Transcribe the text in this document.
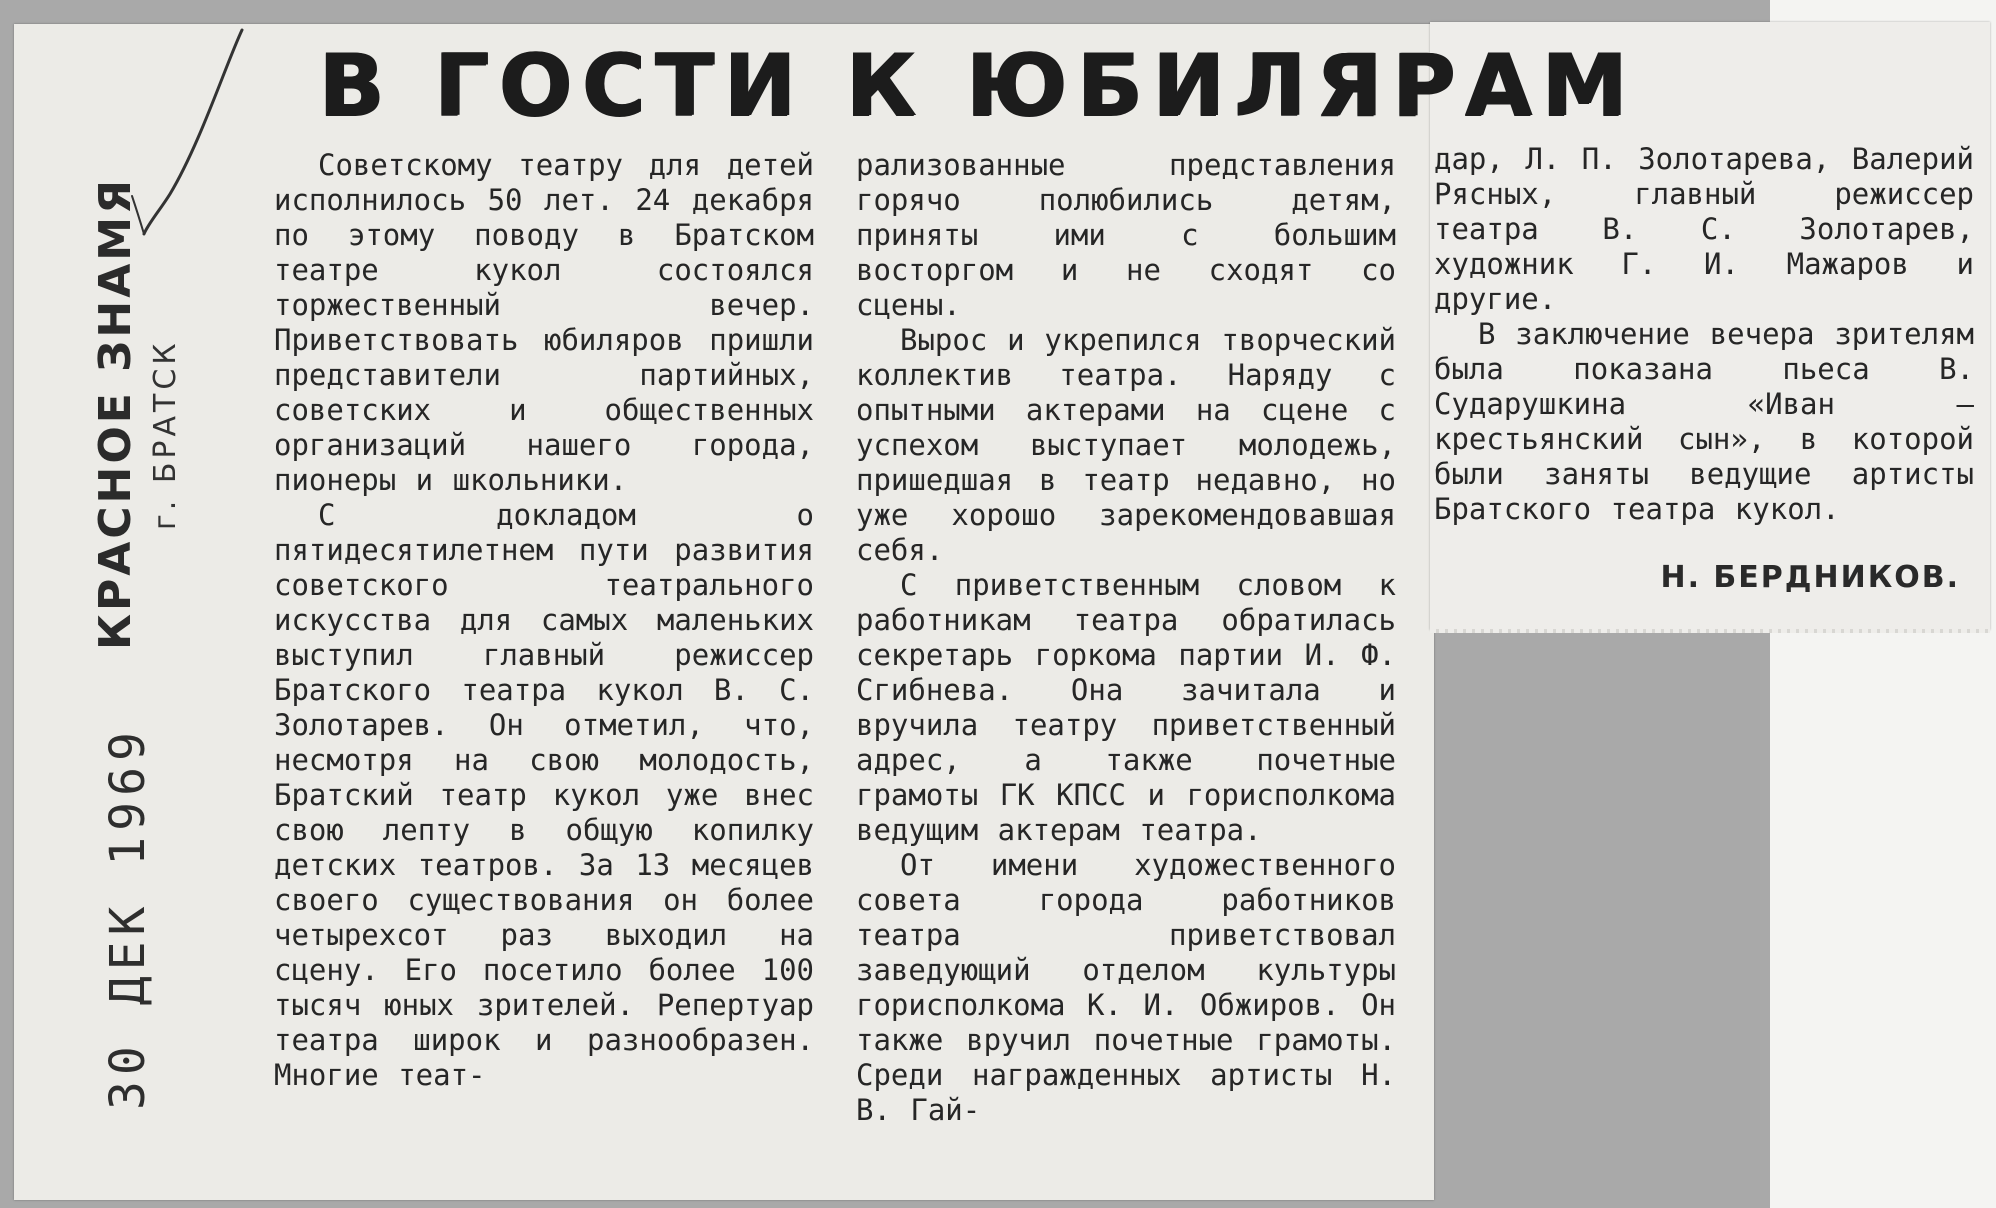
КРАСНОЕ ЗНАМЯ г. БРАТСК
30 ДЕК 1969
В ГОСТИ К ЮБИЛЯРАМ

Советскому театру для детей исполнилось 50 лет. 24 декабря по этому поводу в Братском театре кукол состоялся торжественный вечер. Приветствовать юбиляров пришли представители партийных, советских и общественных организаций нашего города, пионеры и школьники.

С докладом о пятидесятилетнем пути развития советского театрального искусства для самых маленьких выступил главный режиссер Братского театра кукол В. С. Золотарев. Он отметил, что, несмотря на свою молодость, Братский театр кукол уже внес свою лепту в общую копилку детских театров. За 13 месяцев своего существования он более четырехсот раз выходил на сцену. Его посетило более 100 тысяч юных зрителей. Репертуар театра широк и разнообразен. Многие теат-

рализованные представления горячо полюбились детям, приняты ими с большим восторгом и не сходят со сцены.

Вырос и укрепился творческий коллектив театра. Наряду с опытными актерами на сцене с успехом выступает молодежь, пришедшая в театр недавно, но уже хорошо зарекомендовавшая себя.

С приветственным словом к работникам театра обратилась секретарь горкома партии И. Ф. Сгибнева. Она зачитала и вручила театру приветственный адрес, а также почетные грамоты ГК КПСС и горисполкома ведущим актерам театра.

От имени художественного совета города работников театра приветствовал заведующий отделом культуры горисполкома К. И. Обжиров. Он также вручил почетные грамоты. Среди награжденных артисты Н. В. Гай-

дар, Л. П. Золотарева, Валерий Рясных, главный режиссер театра В. С. Золотарев, художник Г. И. Мажаров и другие.

В заключение вечера зрителям была показана пьеса В. Сударушкина «Иван — крестьянский сын», в которой были заняты ведущие артисты Братского театра кукол.

Н. БЕРДНИКОВ.
